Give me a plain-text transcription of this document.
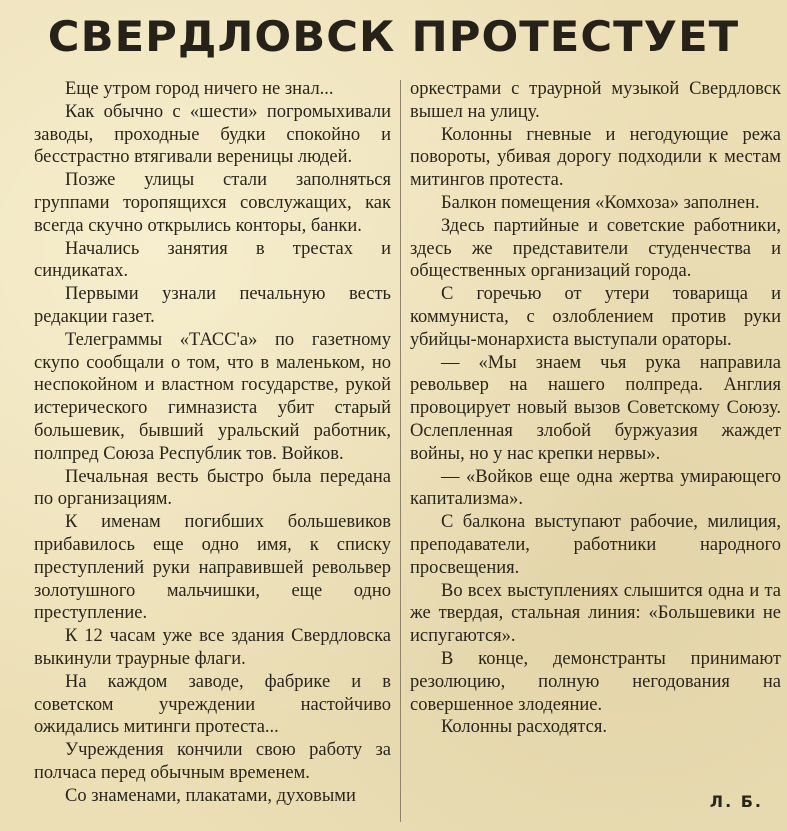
СВЕРДЛОВСК ПРОТЕСТУЕТ

Еще утром город ничего не знал...

Как обычно с «шести» погромыхивали заводы, проходные будки спокойно и бесстрастно втягивали вереницы людей.

Позже улицы стали заполняться группами торопящихся совслужащих, как всегда скучно открылись конторы, банки.

Начались занятия в трестах и синдикатах.

Первыми узнали печальную весть редакции газет.

Телеграммы «ТАСС'а» по газетному скупо сообщали о том, что в маленьком, но неспокойном и властном государстве, рукой истерического гимназиста убит старый большевик, бывший уральский работник, полпред Союза Республик тов. Войков.

Печальная весть быстро была передана по организациям.

К именам погибших большевиков прибавилось еще одно имя, к списку преступлений руки направившей револьвер золотушного мальчишки, еще одно преступление.

К 12 часам уже все здания Свердловска выкинули траурные флаги.

На каждом заводе, фабрике и в советском учреждении настойчиво ожидались митинги протеста...

Учреждения кончили свою работу за полчаса перед обычным временем.

Со знаменами, плакатами, духовыми

оркестрами с траурной музыкой Свердловск вышел на улицу.

Колонны гневные и негодующие режа повороты, убивая дорогу подходили к местам митингов протеста.

Балкон помещения «Комхоза» заполнен.

Здесь партийные и советские работники, здесь же представители студенчества и общественных организаций города.

С горечью от утери товарища и коммуниста, с озлоблением против руки убийцы-монархиста выступали ораторы.

— «Мы знаем чья рука направила револьвер на нашего полпреда. Англия провоцирует новый вызов Советскому Союзу. Ослепленная злобой буржуазия жаждет войны, но у нас крепки нервы».

— «Войков еще одна жертва умирающего капитализма».

С балкона выступают рабочие, милиция, преподаватели, работники народного просвещения.

Во всех выступлениях слышится одна и та же твердая, стальная линия: «Большевики не испугаются».

В конце, демонстранты принимают резолюцию, полную негодования на совершенное злодеяние.

Колонны расходятся.

Л. Б.
